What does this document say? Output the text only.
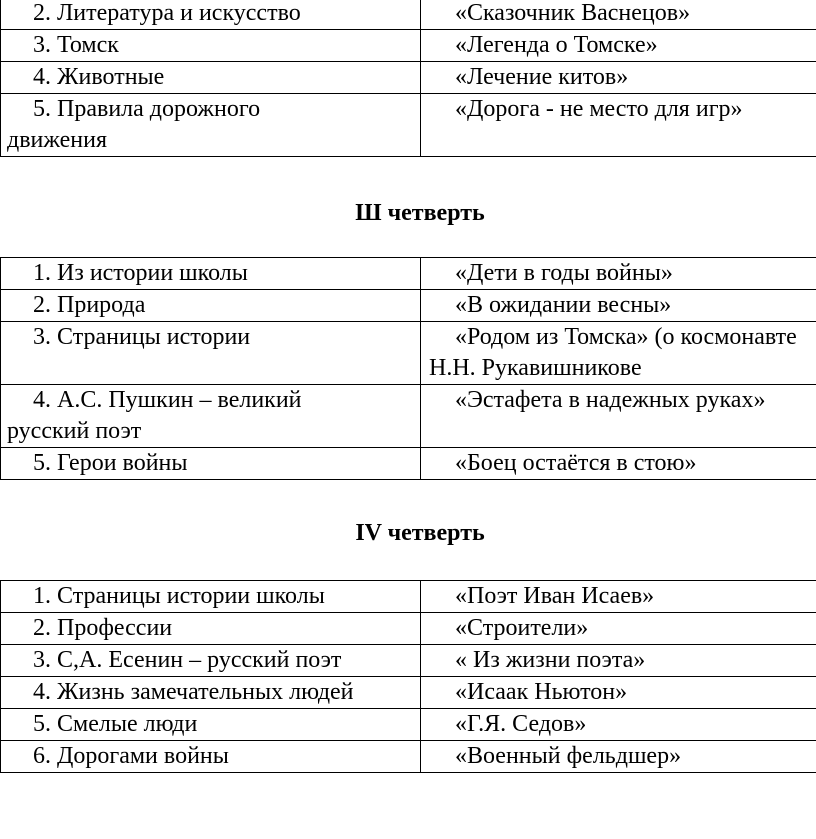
2. Литература и искусство	«Сказочник Васнецов»
3. Томск	«Легенда о Томске»
4. Животные	«Лечение китов»
5. Правила дорожного движения	«Дорога - не место для игр»
Ш четверть
1. Из истории школы	«Дети в годы войны»
2. Природа	«В ожидании весны»
3. Страницы истории	«Родом из Томска» (о космонавте Н.Н. Рукавишникове
4. А.С. Пушкин – великий русский поэт	«Эстафета в надежных руках»
5. Герои войны	«Боец остаётся в стою»
IV четверть
1. Страницы истории школы	«Поэт Иван Исаев»
2. Профессии	«Строители»
3. С,А. Есенин – русский поэт	« Из жизни поэта»
4. Жизнь замечательных людей	«Исаак Ньютон»
5. Смелые люди	«Г.Я. Седов»
6. Дорогами войны	«Военный фельдшер»
